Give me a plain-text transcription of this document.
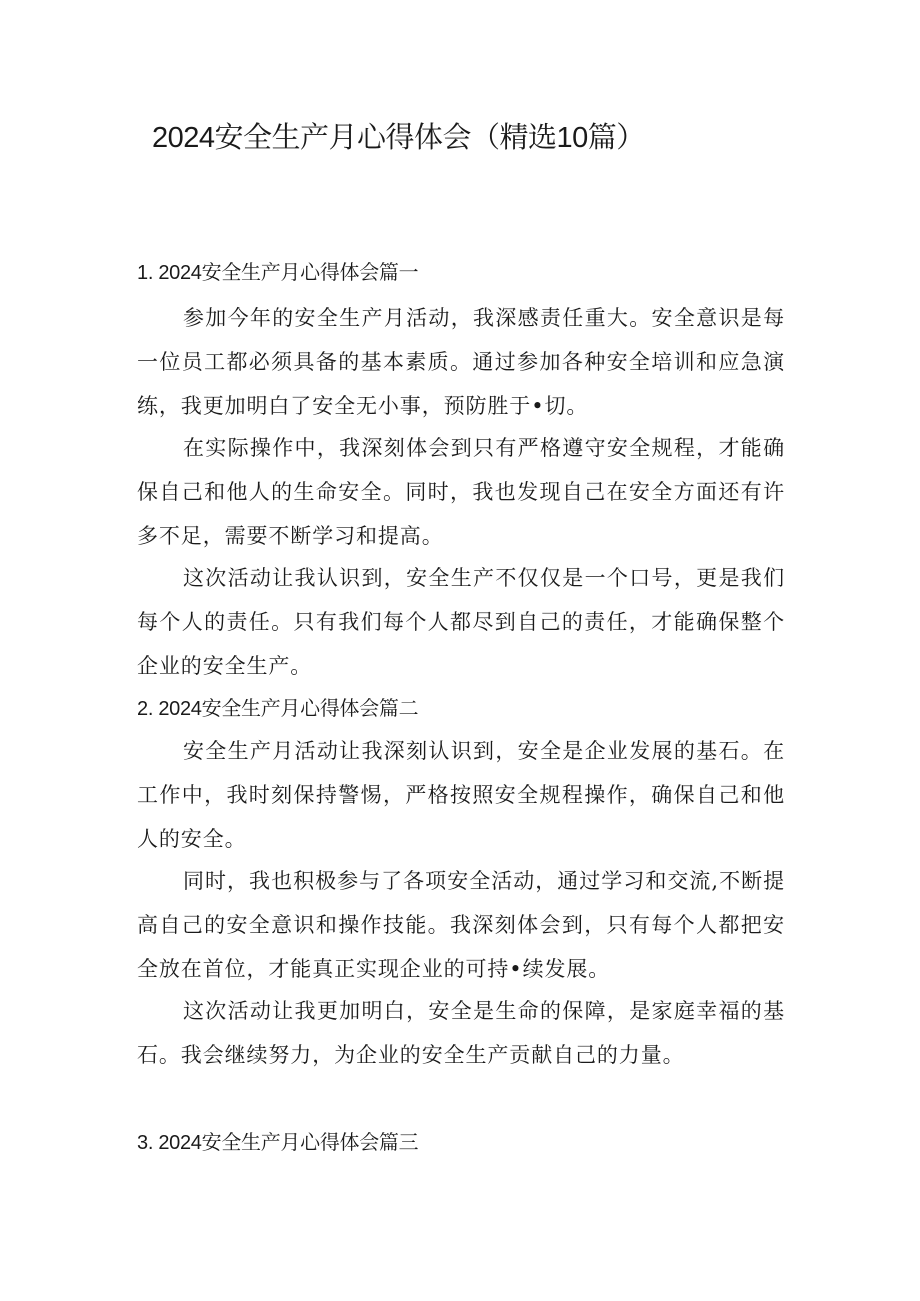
2024安全生产月心得体会（精选10篇）
1. 2024安全生产月心得体会篇一

参加今年的安全生产月活动，我深感责任重大。安全意识是每一位员工都必须具备的基本素质。通过参加各种安全培训和应急演练，我更加明白了安全无小事，预防胜于•切。

在实际操作中，我深刻体会到只有严格遵守安全规程，才能确保自己和他人的生命安全。同时，我也发现自己在安全方面还有许多不足，需要不断学习和提高。

这次活动让我认识到，安全生产不仅仅是一个口号，更是我们每个人的责任。只有我们每个人都尽到自己的责任，才能确保整个企业的安全生产。

2. 2024安全生产月心得体会篇二

安全生产月活动让我深刻认识到，安全是企业发展的基石。在工作中，我时刻保持警惕，严格按照安全规程操作，确保自己和他人的安全。

同时，我也积极参与了各项安全活动，通过学习和交流,不断提高自己的安全意识和操作技能。我深刻体会到，只有每个人都把安全放在首位，才能真正实现企业的可持•续发展。

这次活动让我更加明白，安全是生命的保障，是家庭幸福的基石。我会继续努力，为企业的安全生产贡献自己的力量。

3. 2024安全生产月心得体会篇三
